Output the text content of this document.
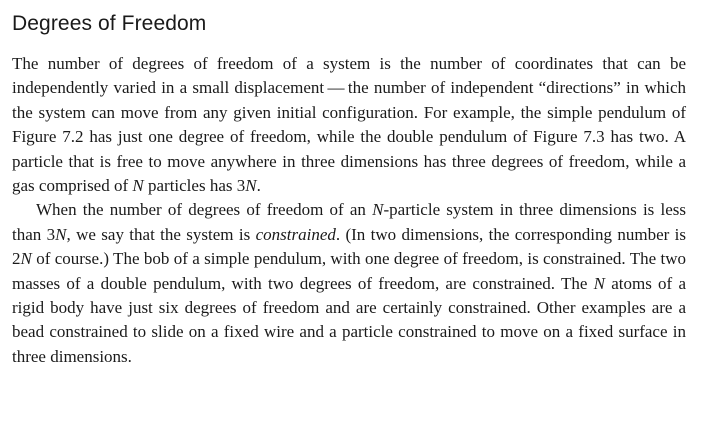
Degrees of Freedom

The number of degrees of freedom of a system is the number of coordinates that can be independently varied in a small displacement — the number of independent “directions” in which the system can move from any given initial configuration. For example, the simple pendulum of Figure 7.2 has just one degree of freedom, while the double pendulum of Figure 7.3 has two. A particle that is free to move anywhere in three dimensions has three degrees of freedom, while a gas comprised of N particles has 3N.

When the number of degrees of freedom of an N-particle system in three dimensions is less than 3N, we say that the system is constrained. (In two dimensions, the corresponding number is 2N of course.) The bob of a simple pendulum, with one degree of freedom, is constrained. The two masses of a double pendulum, with two degrees of freedom, are constrained. The N atoms of a rigid body have just six degrees of freedom and are certainly constrained. Other examples are a bead constrained to slide on a fixed wire and a particle constrained to move on a fixed surface in three dimensions.
